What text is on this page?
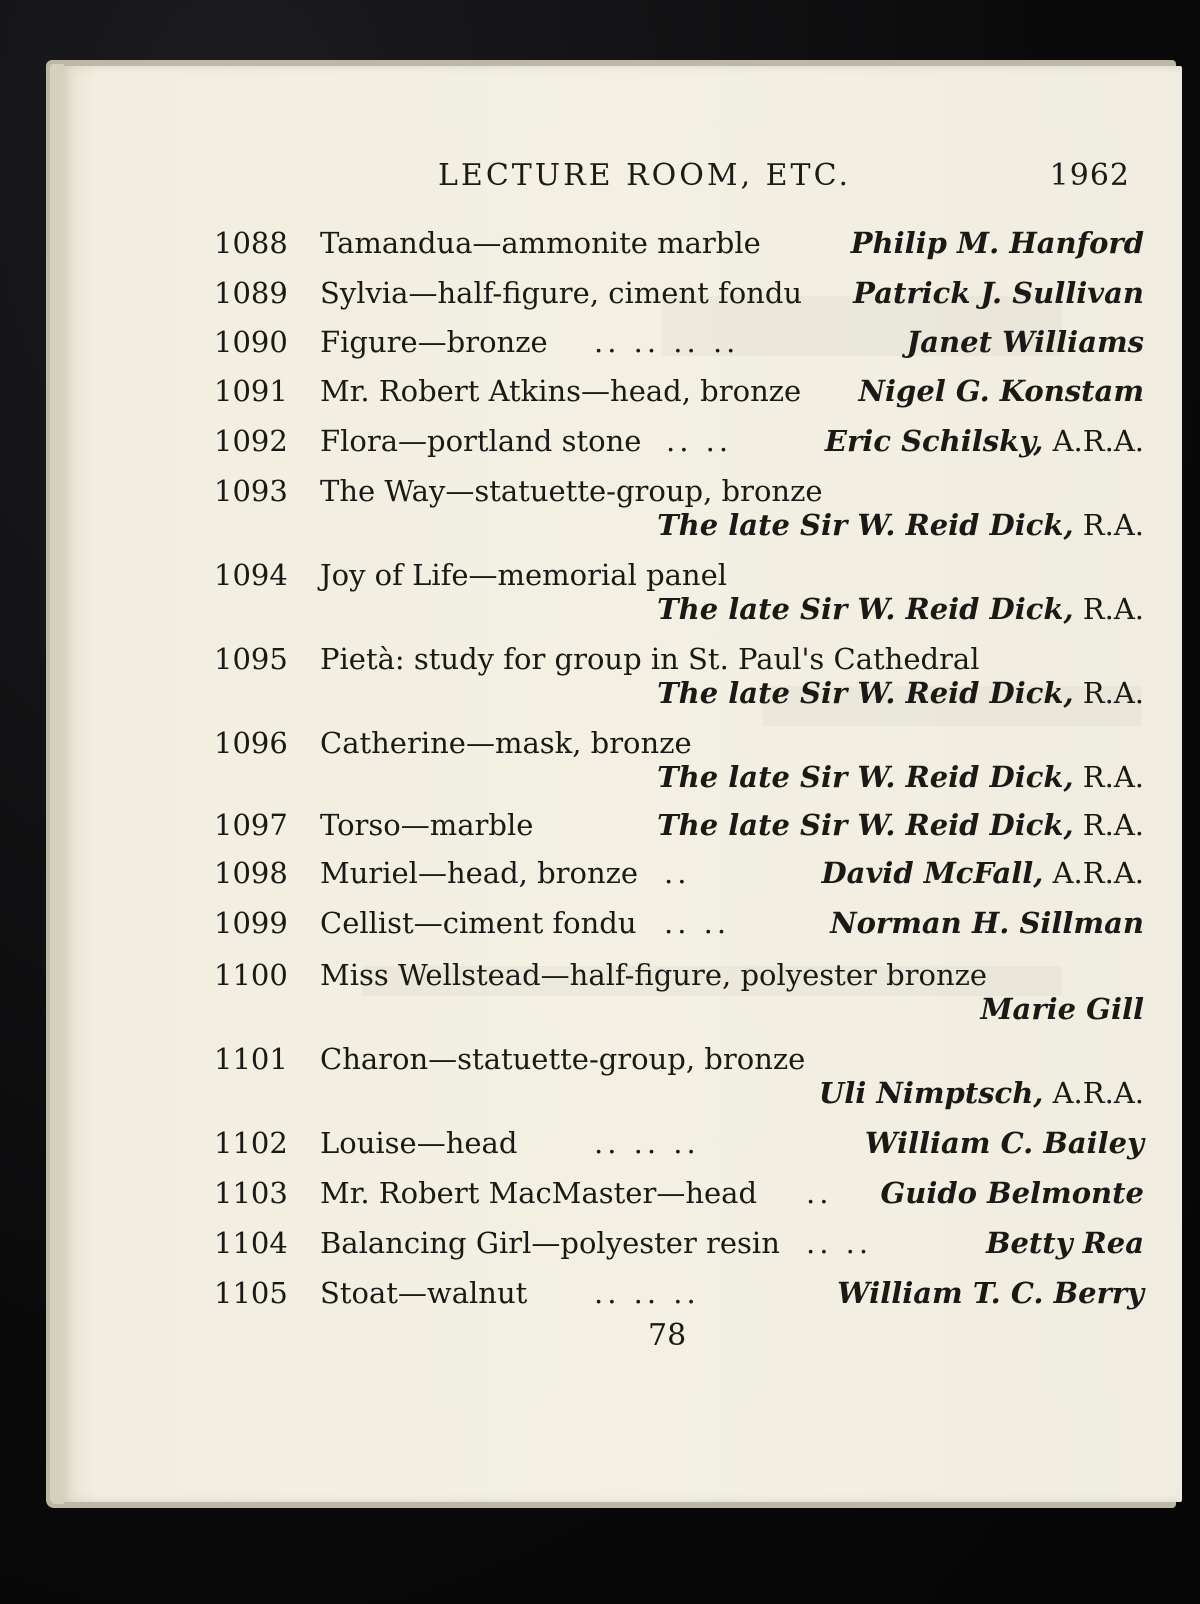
LECTURE ROOM, ETC.	1962
1088	Tamandua—ammonite marble	Philip M. Hanford
1089	Sylvia—half-figure, ciment fondu	Patrick J. Sullivan
1090	Figure—bronze	.. .. .. ..	Janet Williams
1091	Mr. Robert Atkins—head, bronze	Nigel G. Konstam
1092	Flora—portland stone .. ..	Eric Schilsky, A.R.A.
1093	The Way—statuette-group, bronze
The late Sir W. Reid Dick, R.A.
1094	Joy of Life—memorial panel
The late Sir W. Reid Dick, R.A.
1095	Pietà: study for group in St. Paul's Cathedral
The late Sir W. Reid Dick, R.A.
1096	Catherine—mask, bronze
The late Sir W. Reid Dick, R.A.
1097	Torso—marble	The late Sir W. Reid Dick, R.A.
1098	Muriel—head, bronze ..	David McFall, A.R.A.
1099	Cellist—ciment fondu .. ..	Norman H. Sillman
1100	Miss Wellstead—half-figure, polyester bronze
Marie Gill
1101	Charon—statuette-group, bronze
Uli Nimptsch, A.R.A.
1102	Louise—head	.. .. ..	William C. Bailey
1103	Mr. Robert MacMaster—head	.. Guido Belmonte
1104	Balancing Girl—polyester resin .. ..	Betty Rea
1105	Stoat—walnut	.. .. ..	William T. C. Berry
78
